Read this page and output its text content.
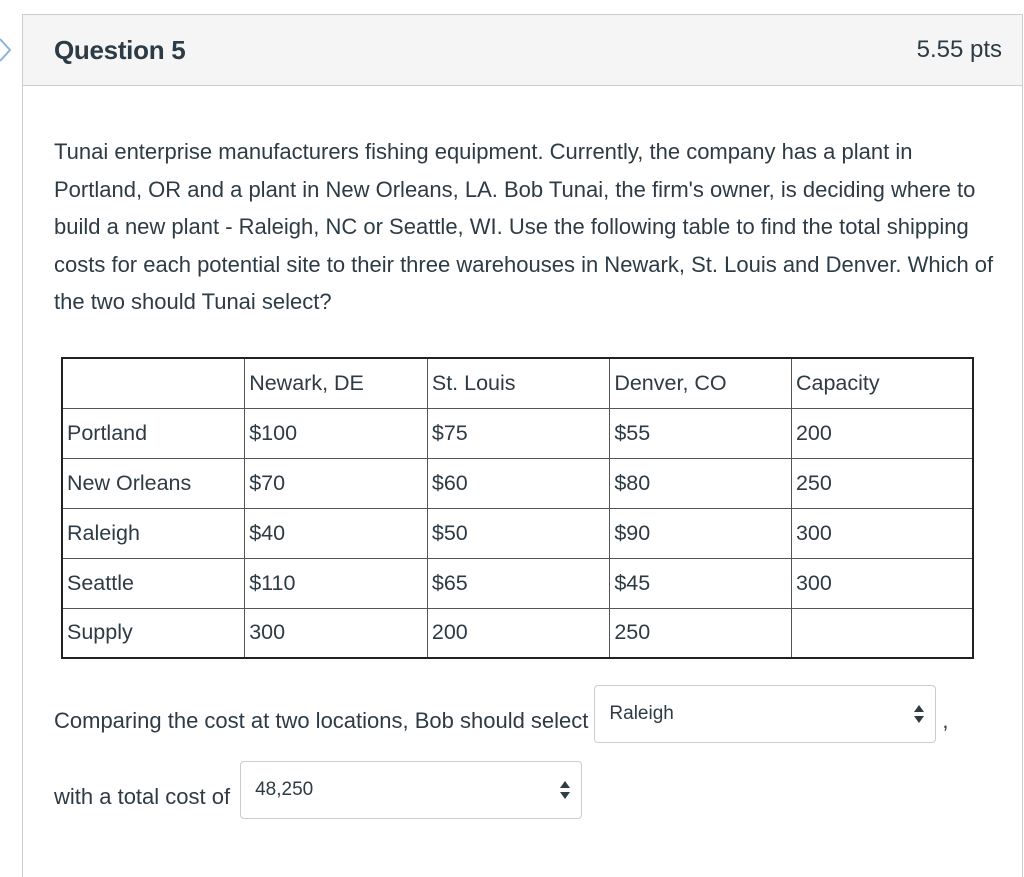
Question 5	5.55 pts

Tunai enterprise manufacturers fishing equipment. Currently, the company has a plant in Portland, OR and a plant in New Orleans, LA. Bob Tunai, the firm's owner, is deciding where to build a new plant - Raleigh, NC or Seattle, WI. Use the following table to find the total shipping costs for each potential site to their three warehouses in Newark, St. Louis and Denver. Which of the two should Tunai select?

	Newark, DE	St. Louis	Denver, CO	Capacity
Portland	$100	$75	$55	200
New Orleans	$70	$60	$80	250
Raleigh	$40	$50	$90	300
Seattle	$110	$65	$45	300
Supply	300	200	250	
Comparing the cost at two locations, Bob should select Raleigh	,
with a total cost of 48,250
